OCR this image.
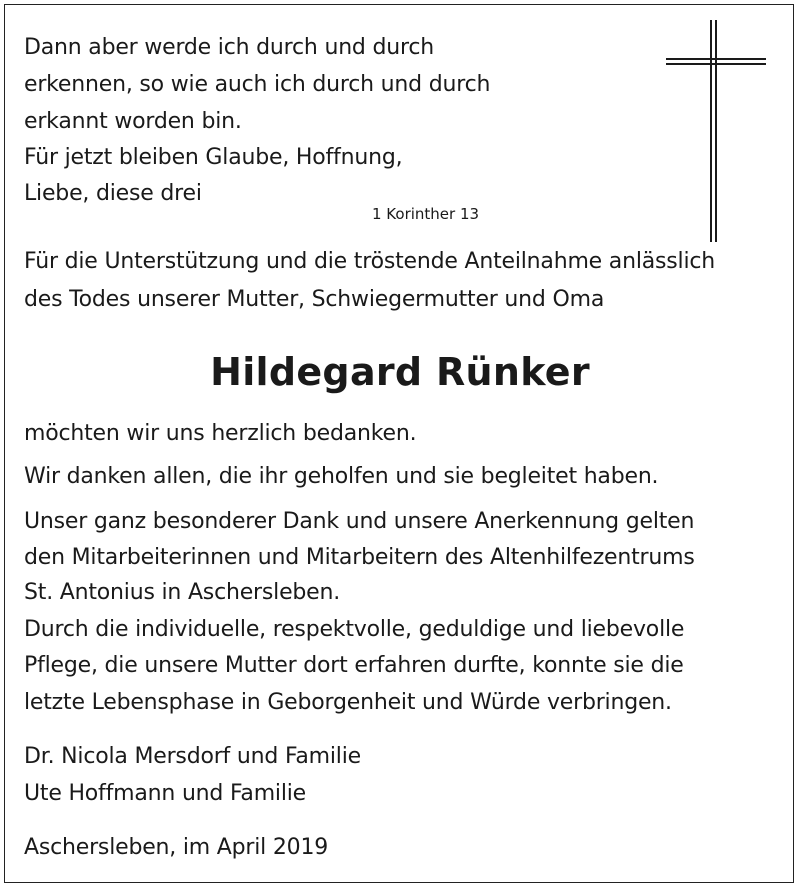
Dann aber werde ich durch und durch
erkennen, so wie auch ich durch und durch
erkannt worden bin.
Für jetzt bleiben Glaube, Hoffnung,
Liebe, diese drei
1 Korinther 13
Für die Unterstützung und die tröstende Anteilnahme anlässlich
des Todes unserer Mutter, Schwiegermutter und Oma
Hildegard Rünker
möchten wir uns herzlich bedanken.
Wir danken allen, die ihr geholfen und sie begleitet haben.
Unser ganz besonderer Dank und unsere Anerkennung gelten
den Mitarbeiterinnen und Mitarbeitern des Altenhilfezentrums
St. Antonius in Aschersleben.
Durch die individuelle, respektvolle, geduldige und liebevolle
Pflege, die unsere Mutter dort erfahren durfte, konnte sie die
letzte Lebensphase in Geborgenheit und Würde verbringen.
Dr. Nicola Mersdorf und Familie
Ute Hoffmann und Familie
Aschersleben, im April 2019
